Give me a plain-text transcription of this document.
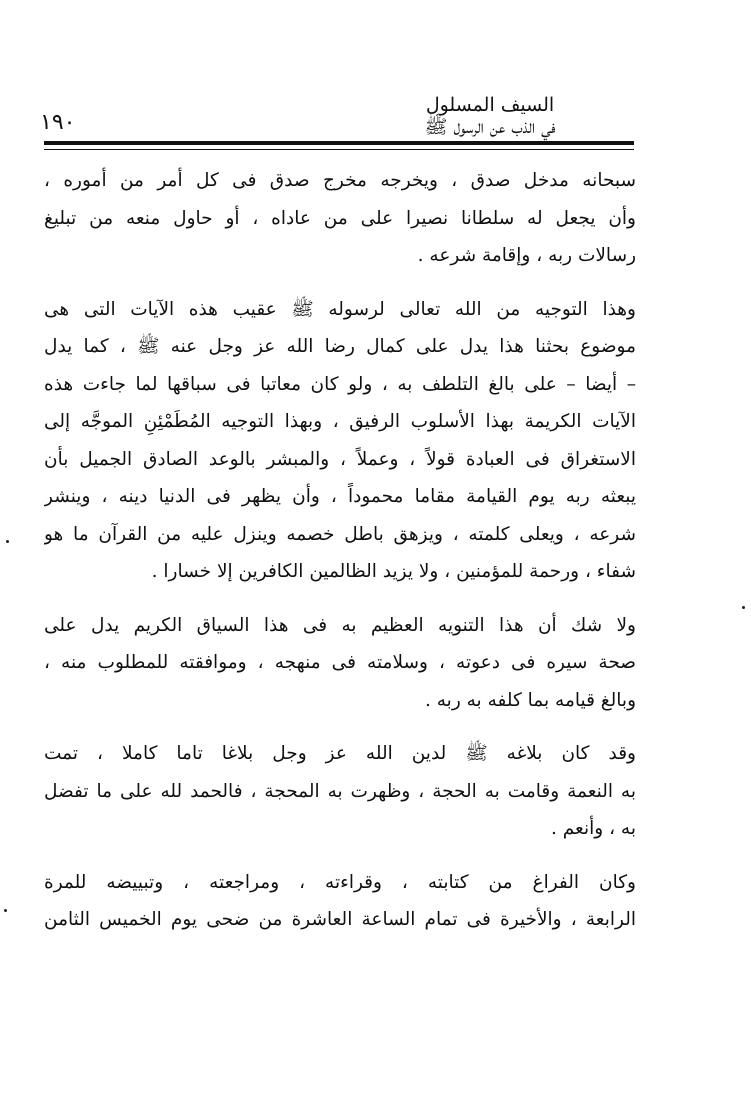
١٩٠
السيف المسلول
في الذب عن الرسول ﷺ
سبحانه مدخل صدق ، ويخرجه مخرج صدق فى كل أمر من أموره ،
وأن يجعل له سلطانا نصيرا على من عاداه ، أو حاول منعه من تبليغ
رسالات ربه ، وإقامة شرعه .
وهذا التوجيه من الله تعالى لرسوله ﷺ عقيب هذه الآيات التى هى
موضوع بحثنا هذا يدل على كمال رضا الله عز وجل عنه ﷺ ، كما يدل
– أيضا – على بالغ التلطف به ، ولو كان معاتبا فى سباقها لما جاءت هذه
الآيات الكريمة بهذا الأسلوب الرفيق ، وبهذا التوجيه المُطَمْئِنِ الموجَّه إلى
الاستغراق فى العبادة قولاً ، وعملاً ، والمبشر بالوعد الصادق الجميل بأن
يبعثه ربه يوم القيامة مقاما محموداً ، وأن يظهر فى الدنيا دينه ، وينشر
شرعه ، ويعلى كلمته ، ويزهق باطل خصمه وينزل عليه من القرآن ما هو
شفاء ، ورحمة للمؤمنين ، ولا يزيد الظالمين الكافرين إلا خسارا .
ولا شك أن هذا التنويه العظيم به فى هذا السياق الكريم يدل على
صحة سيره فى دعوته ، وسلامته فى منهجه ، وموافقته للمطلوب منه ،
وبالغ قيامه بما كلفه به ربه .
وقد كان بلاغه ﷺ لدين الله عز وجل بلاغا تاما كاملا ، تمت
به النعمة وقامت به الحجة ، وظهرت به المحجة ، فالحمد لله على ما تفضل
به ، وأنعم .
وكان الفراغ من كتابته ، وقراءته ، ومراجعته ، وتبييضه للمرة
الرابعة ، والأخيرة فى تمام الساعة العاشرة من ضحى يوم الخميس الثامن
